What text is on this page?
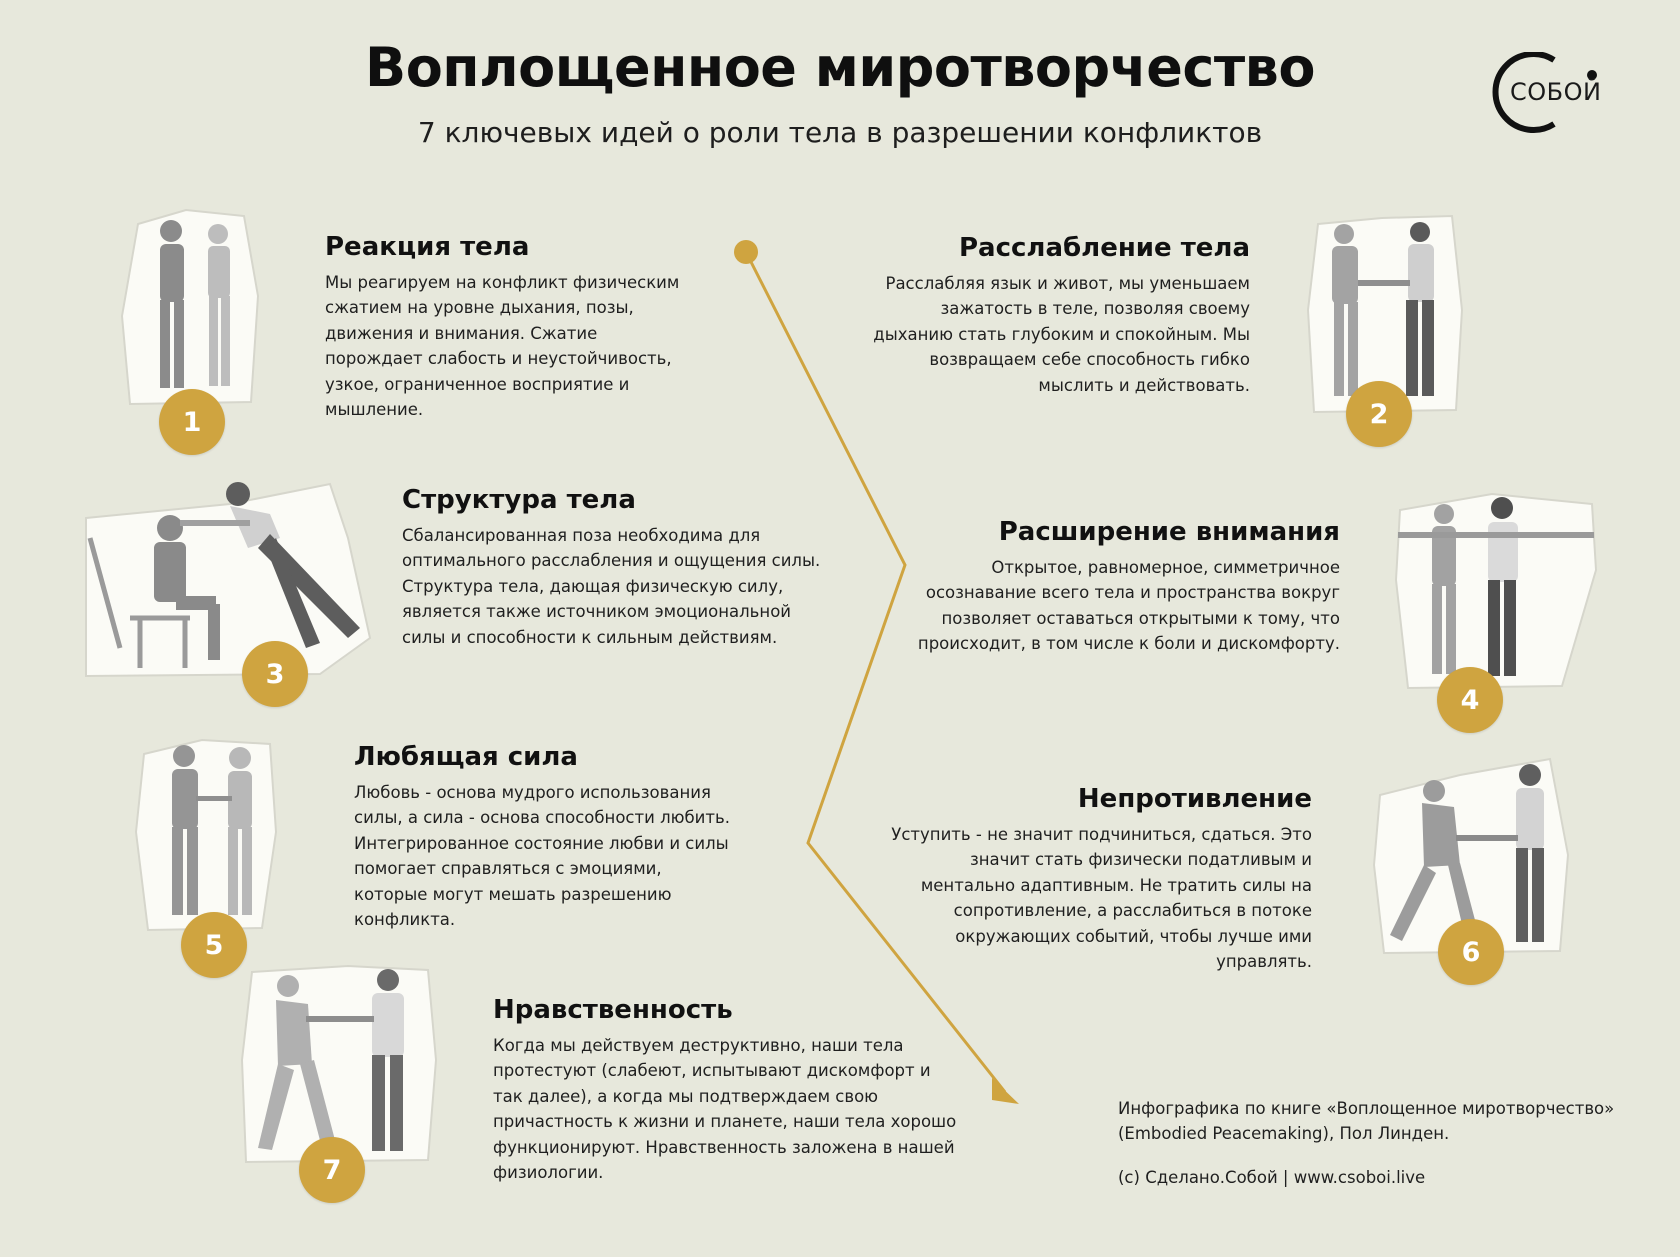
Воплощенное миротворчество
7 ключевых идей о роли тела в разрешении конфликтов
СОБОЙ
1
Реакция тела

Мы реагируем на конфликт физическим сжатием на уровне дыхания, позы, движения и внимания. Сжатие порождает слабость и неустойчивость, узкое, ограниченное восприятие и мышление.	2
Расслабление тела

Расслабляя язык и живот, мы уменьшаем зажатость в теле, позволяя своему дыханию стать глубоким и спокойным. Мы возвращаем себе способность гибко мыслить и действовать.

3
Структура тела

Сбалансированная поза необходима для оптимального расслабления и ощущения силы. Структура тела, дающая физическую силу, является также источником эмоциональной силы и способности к сильным действиям.

4
Расширение внимания

Открытое, равномерное, симметричное осознавание всего тела и пространства вокруг позволяет оставаться открытыми к тому, что происходит, в том числе к боли и дискомфорту.

5
Любящая сила

Любовь - основа мудрого использования силы, а сила - основа способности любить. Интегрированное состояние любви и силы помогает справляться с эмоциями, которые могут мешать разрешению конфликта.

6
Непротивление

Уступить - не значит подчиниться, сдаться. Это значит стать физически податливым и ментально адаптивным. Не тратить силы на сопротивление, а расслабиться в потоке окружающих событий, чтобы лучше ими управлять.

7
Нравственность

Когда мы действуем деструктивно, наши тела протестуют (слабеют, испытывают дискомфорт и так далее), а когда мы подтверждаем свою причастность к жизни и планете, наши тела хорошо функционируют. Нравственность заложена в нашей физиологии.

Инфографика по книге «Воплощенное миротворчество»
(Embodied Peacemaking), Пол Линден.
(с) Сделано.Собой | www.csoboi.live
